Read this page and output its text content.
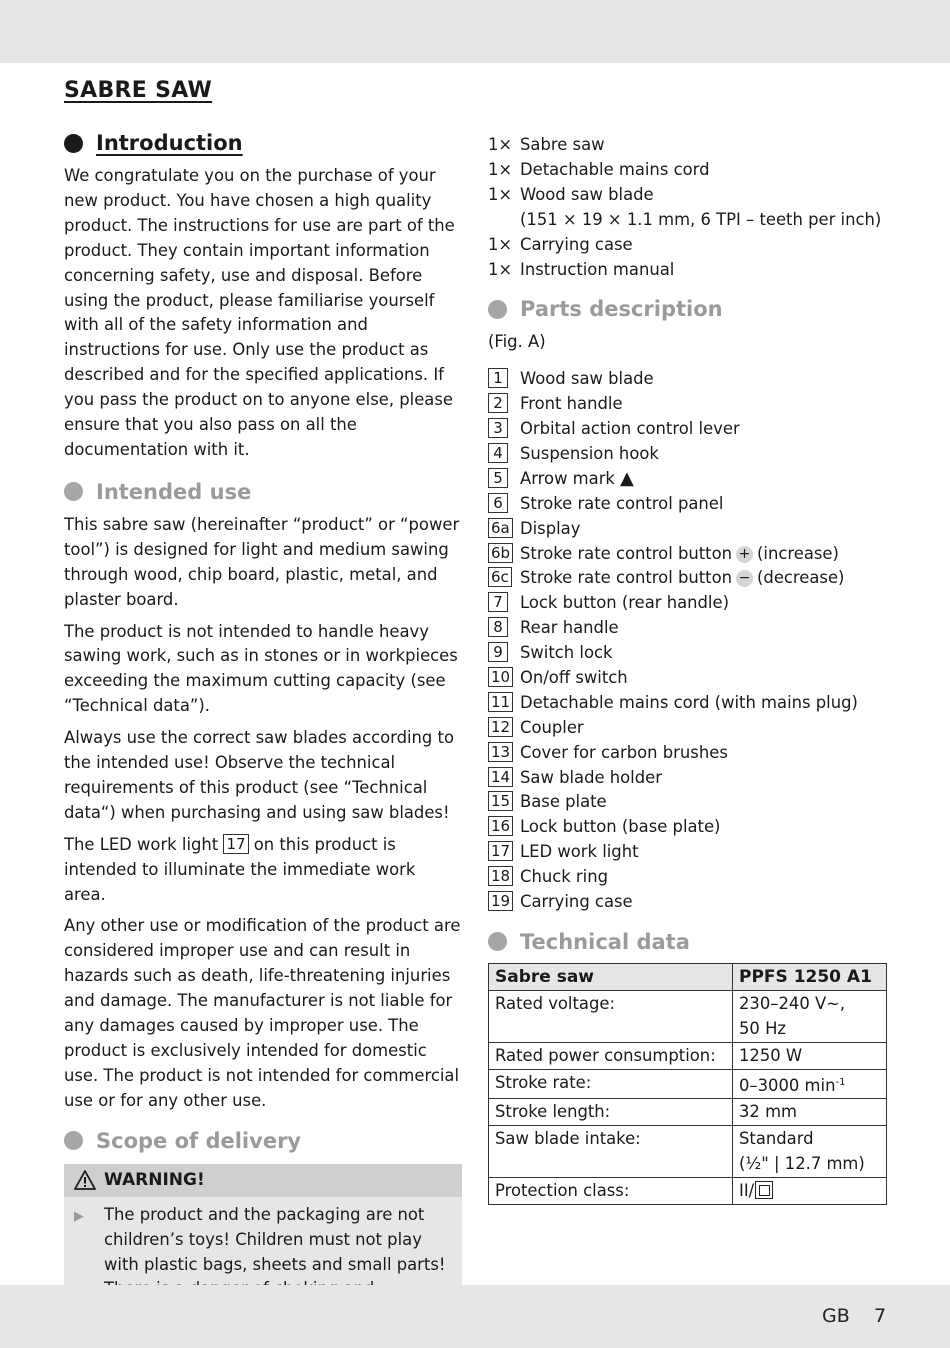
SABRE SAW
Introduction

We congratulate you on the purchase of your new product. You have chosen a high quality product. The instructions for use are part of the product. They contain important information concerning safety, use and disposal. Before using the product, please familiarise yourself with all of the safety information and instructions for use. Only use the product as described and for the specified applications. If you pass the product on to anyone else, please ensure that you also pass on all the documentation with it.

Intended use

This sabre saw (hereinafter “product” or “power tool”) is designed for light and medium sawing through wood, chip board, plastic, metal, and plaster board.

The product is not intended to handle heavy sawing work, such as in stones or in workpieces exceeding the maximum cutting capacity (see “Technical data”).

Always use the correct saw blades according to the intended use! Observe the technical requirements of this product (see “Technical data“) when purchasing and using saw blades!

The LED work light 17 on this product is intended to illuminate the immediate work area.

Any other use or modification of the product are considered improper use and can result in hazards such as death, life-threatening injuries and damage. The manufacturer is not liable for any damages caused by improper use. The product is exclusively intended for domestic use. The product is not intended for commercial use or for any other use.

Scope of delivery
WARNING!
▶	The product and the packaging are not children’s toys! Children must not play with plastic bags, sheets and small parts!

1× Sabre saw
1× Detachable mains cord
1× Wood saw blade
(151 × 19 × 1.1 mm, 6 TPI – teeth per inch)
1× Carrying case
1× Instruction manual
Parts description

(Fig. A)

1	Wood saw blade
2	Front handle
3	Orbital action control lever
4	Suspension hook
5	Arrow mark ▲
6	Stroke rate control panel
6a Display
6b Stroke rate control button + (increase)
6c Stroke rate control button − (decrease)
7	Lock button (rear handle)
8	Rear handle
9	Switch lock
10 On/off switch
11 Detachable mains cord (with mains plug)
12 Coupler
13 Cover for carbon brushes
14 Saw blade holder
15 Base plate
16 Lock button (base plate)
17 LED work light
18 Chuck ring
19 Carrying case
Technical data
Sabre saw	PPFS 1250 A1
Rated voltage:	230–240 V∼,
50 Hz
Rated power consumption:	1250 W
Stroke rate:	0–3000 $\min^{-1}$
Stroke length:	32 mm
Saw blade intake:	Standard
(½" | 12.7 mm)
Protection class:	II/
GB 7
